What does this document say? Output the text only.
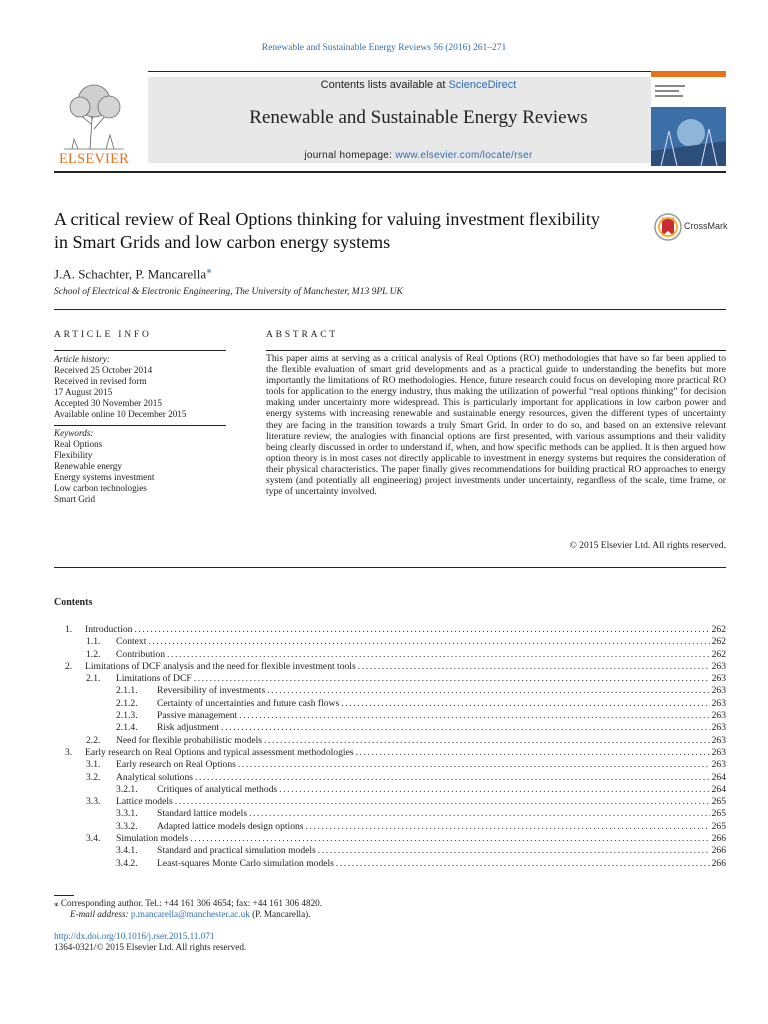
Renewable and Sustainable Energy Reviews 56 (2016) 261–271
ELSEVIER
Contents lists available at ScienceDirect
Renewable and Sustainable Energy Reviews
journal homepage: www.elsevier.com/locate/rser
A critical review of Real Options thinking for valuing investment flexibility in Smart Grids and low carbon energy systems
CrossMark
J.A. Schachter, P. Mancarella⁎
School of Electrical & Electronic Engineering, The University of Manchester, M13 9PL UK
ARTICLE INFO
Article history:
Received 25 October 2014
Received in revised form
17 August 2015
Accepted 30 November 2015
Available online 10 December 2015
Keywords:
Real Options
Flexibility
Renewable energy
Energy systems investment
Low carbon technologies
Smart Grid
ABSTRACT
This paper aims at serving as a critical analysis of Real Options (RO) methodologies that have so far been applied to the flexible evaluation of smart grid developments and as a practical guide to understanding the benefits but more importantly the limitations of RO methodologies. Hence, future research could focus on developing more practical RO tools for application to the energy industry, thus making the utilization of powerful “real options thinking” for decision making under uncertainty more widespread. This is particularly important for applications in low carbon power and energy systems with increasing renewable and sustainable energy resources, given the different types of uncertainty they are facing in the transition towards a truly Smart Grid. In order to do so, and based on an extensive relevant literature review, the analogies with financial options are first presented, with various assumptions and their validity being clearly discussed in order to understand if, when, and how specific methods can be applied. It is then argued how option theory is in most cases not directly applicable to investment in energy systems but requires the consideration of their physical characteristics. The paper finally gives recommendations for building practical RO approaches to energy system (and potentially all engineering) project investments under uncertainty, regardless of the scale, time frame, or type of uncertainty involved.
© 2015 Elsevier Ltd. All rights reserved.
Contents
1.	Introduction .....	262
1.1.	Context .....	262
1.2.	Contribution .....	262
2.	Limitations of DCF analysis and the need for flexible investment tools .....	263
2.1.	Limitations of DCF .....	263
2.1.1.	Reversibility of investments .....	263
2.1.2.	Certainty of uncertainties and future cash flows .....	263
2.1.3.	Passive management .....	263
2.1.4.	Risk adjustment .....	263
2.2.	Need for flexible probabilistic models .....	263
3.	Early research on Real Options and typical assessment methodologies .....	263
3.1.	Early research on Real Options .....	263
3.2.	Analytical solutions .....	264
3.2.1.	Critiques of analytical methods .....	264
3.3.	Lattice models .....	265
3.3.1.	Standard lattice models .....	265
3.3.2.	Adapted lattice models design options .....	265
3.4.	Simulation models .....	266
3.4.1.	Standard and practical simulation models .....	266
3.4.2.	Least-squares Monte Carlo simulation models .....	266
⁎ Corresponding author. Tel.: +44 161 306 4654; fax: +44 161 306 4820.
E-mail address: p.mancarella@manchester.ac.uk (P. Mancarella).
http://dx.doi.org/10.1016/j.rser.2015.11.071
1364-0321/© 2015 Elsevier Ltd. All rights reserved.
